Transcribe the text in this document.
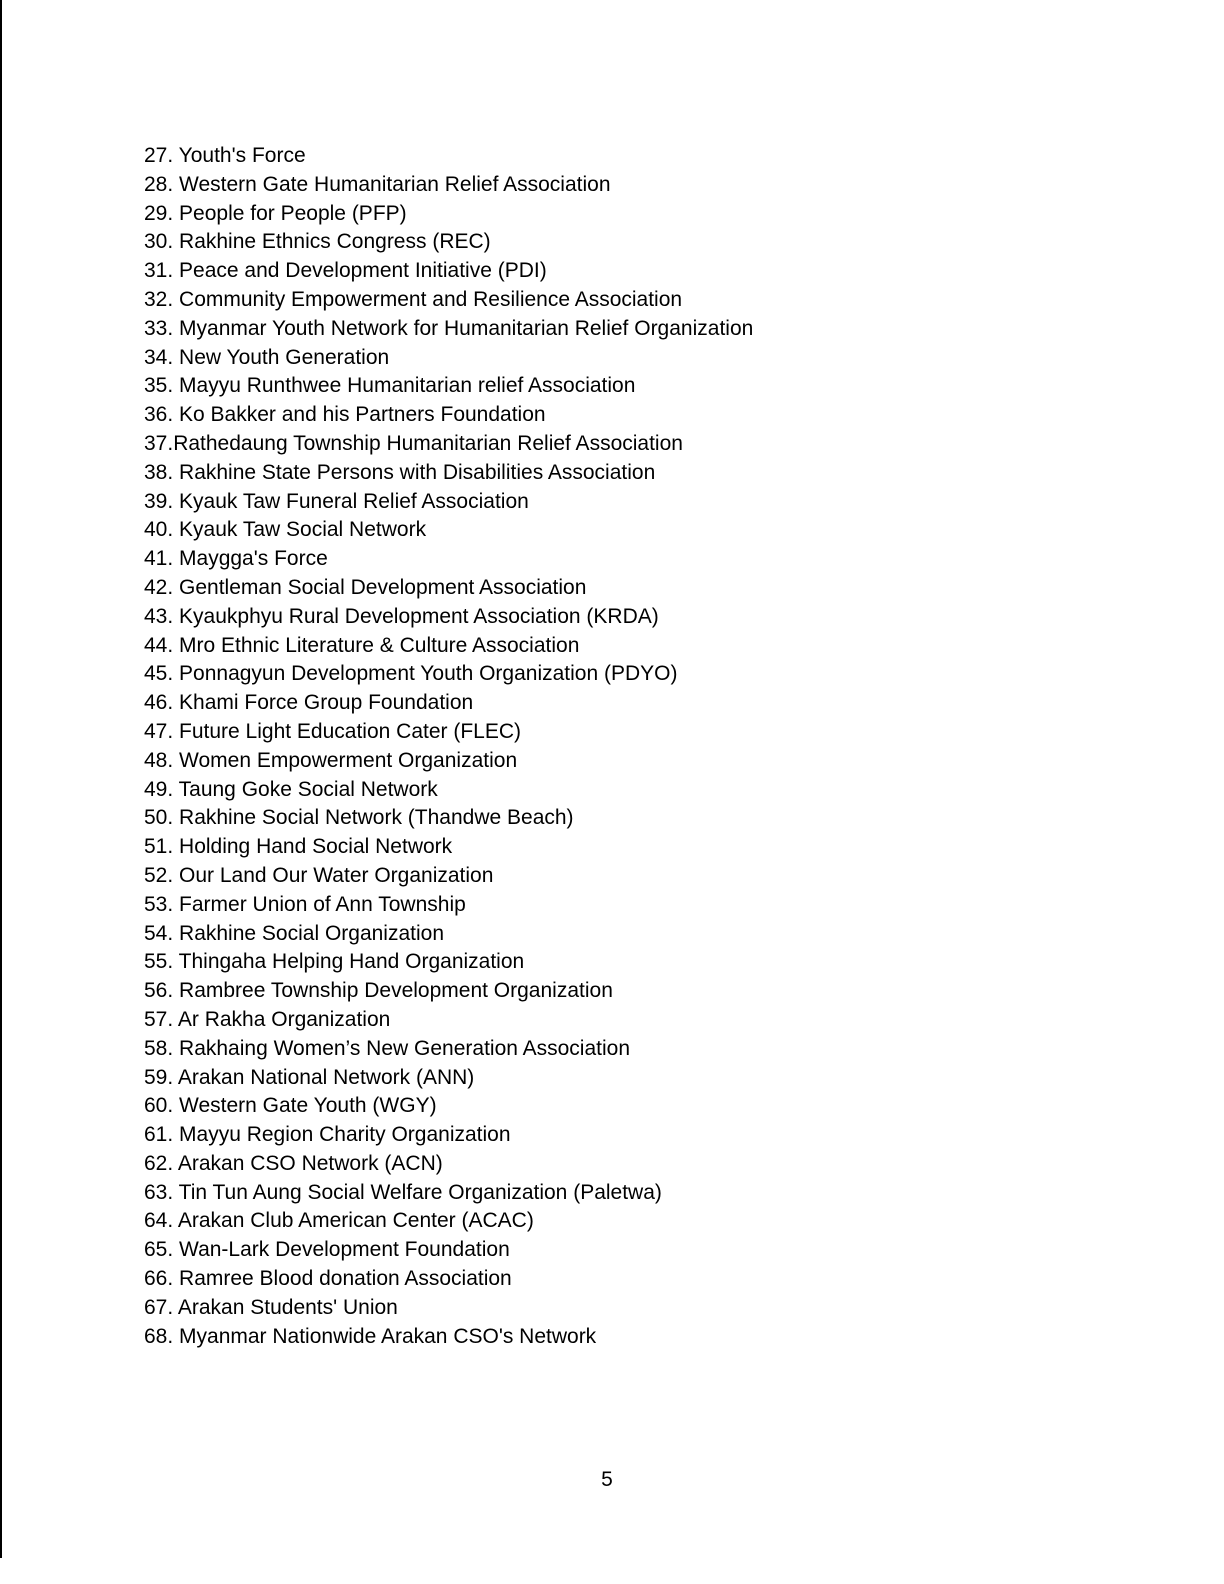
27. Youth's Force
28. Western Gate Humanitarian Relief Association
29. People for People (PFP)
30. Rakhine Ethnics Congress (REC)
31. Peace and Development Initiative (PDI)
32. Community Empowerment and Resilience Association
33. Myanmar Youth Network for Humanitarian Relief Organization
34. New Youth Generation
35. Mayyu Runthwee Humanitarian relief Association
36. Ko Bakker and his Partners Foundation
37.Rathedaung Township Humanitarian Relief Association
38. Rakhine State Persons with Disabilities Association
39. Kyauk Taw Funeral Relief Association
40. Kyauk Taw Social Network
41. Maygga's Force
42. Gentleman Social Development Association
43. Kyaukphyu Rural Development Association (KRDA)
44. Mro Ethnic Literature & Culture Association
45. Ponnagyun Development Youth Organization (PDYO)
46. Khami Force Group Foundation
47. Future Light Education Cater (FLEC)
48. Women Empowerment Organization
49. Taung Goke Social Network
50. Rakhine Social Network (Thandwe Beach)
51. Holding Hand Social Network
52. Our Land Our Water Organization
53. Farmer Union of Ann Township
54. Rakhine Social Organization
55. Thingaha Helping Hand Organization
56. Rambree Township Development Organization
57. Ar Rakha Organization
58. Rakhaing Women’s New Generation Association
59. Arakan National Network (ANN)
60. Western Gate Youth (WGY)
61. Mayyu Region Charity Organization
62. Arakan CSO Network (ACN)
63. Tin Tun Aung Social Welfare Organization (Paletwa)
64. Arakan Club American Center (ACAC)
65. Wan-Lark Development Foundation
66. Ramree Blood donation Association
67. Arakan Students' Union
68. Myanmar Nationwide Arakan CSO's Network
5
